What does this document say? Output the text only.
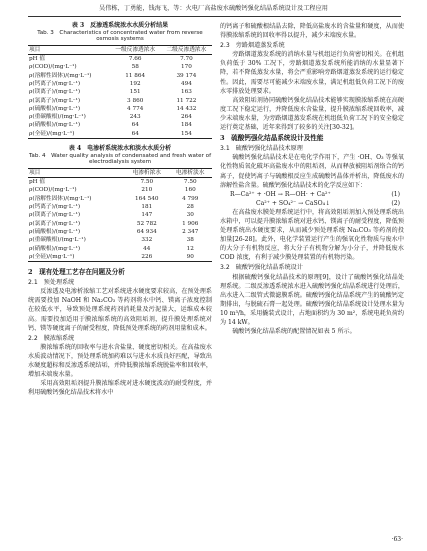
吴伟栋，丁勇能，钱海飞，等：火电厂高盐废水硫酸钙强化结晶系统设计及工程应用
表 3　反渗透系统浓水水质分析结果
Tab. 3　Characteristics of concentrated water from reverse osmosis systems
项目	一级反渗透浓水	二级反渗透浓水
pH 值	7.66	7.70
ρ(COD)/(mg·L⁻¹)	58	170
ρ(溶解性固体)/(mg·L⁻¹)	11 864	39 174
ρ(钙离子)/(mg·L⁻¹)	192	494
ρ(镁离子)/(mg·L⁻¹)	151	163
ρ(氯离子)/(mg·L⁻¹)	3 860	11 722
ρ(硫酸根)/(mg·L⁻¹)	4 774	14 432
ρ(重碳酸根)/(mg·L⁻¹)	243	264
ρ(硝酸根)/(mg·L⁻¹)	64	184
ρ(全硅)/(mg·L⁻¹)	64	154
表 4　电渗析系统浓水和淡水水质分析
Tab. 4　Water quality analysis of condensated and fresh water of electrodialysis system
项目	电渗析浓水	电渗析淡水
pH 值	7.50	7.50
ρ(COD)/(mg·L⁻¹)	210	160
ρ(溶解性固体)/(mg·L⁻¹)	164 540	4 799
ρ(钙离子)/(mg·L⁻¹)	181	28
ρ(镁离子)/(mg·L⁻¹)	147	30
ρ(氯离子)/(mg·L⁻¹)	52 782	1 906
ρ(硫酸根)/(mg·L⁻¹)	64 934	2 347
ρ(重碳酸根)/(mg·L⁻¹)	332	38
ρ(硝酸根)/(mg·L⁻¹)	44	12
ρ(全硅)/(mg·L⁻¹)	226	90
2　现有处理工艺存在问题及分析
2.1　预处理系统

反渗透及电渗析浓缩工艺对系统进水硬度要求较高，在预处理系统需要投加 NaOH 和 Na₂CO₃ 等药剂将水中钙、镁离子浓度控制在较低水平，导致预处理系统药剂消耗量及污泥量大，运维成本较高。需要投加适用于膜浓缩系统的高效阻垢剂，提升膜处理系统对钙、镁等硬度离子的耐受程度，降低预处理系统的药剂用量和成本。

2.2　膜浓缩系统

膜浓缩系统的回收率与进水含盐量、硬度密切相关。在高盐废水水质波动情况下，预处理系统加药难以与进水水质良好匹配，导致出水硬度超标和反渗透系统结垢，并降低膜浓缩系统脱盐率和回收率，增加末端废水量。

采用高效阻垢剂提升膜浓缩系统对进水硬度波动的耐受程度，并利用硫酸钙强化结晶技术将水中

的钙离子和硫酸根结晶去除，降低高盐废水的含盐量和硬度，从而使得膜浓缩系统的回收率得以提升，减少末端废水量。

2.3　旁路烟道蒸发系统

旁路烟道蒸发系统的消纳水量与机组运行负荷密切相关。在机组负荷低于 30% 工况下，旁路烟道蒸发系统所能消纳的水量显著下降，若不降低蒸发水量，将会严重影响旁路烟道蒸发系统的运行稳定性。因此，需要尽可能减少末端废水量，满足机组低负荷工况下的废水零排放处理要求。

高效阻垢剂协同硫酸钙强化结晶技术能够实现膜浓缩系统在高硬度工况下稳定运行，并降低废水含盐量，提升膜浓缩系统回收率，减少末端废水量，为旁路烟道蒸发系统在机组低负荷工况下的安全稳定运行奠定基础，近年来得到了较多的关注[30-32]。

3　硫酸钙强化结晶系统设计及性能
3.1　硫酸钙强化结晶技术原理

硫酸钙强化结晶技术是在电化学作用下，产生 ·OH、O₃ 等强氧化性物质氧化破坏高盐废水中的阻垢剂，从而释放被阻垢剂络合的钙离子，促使钙离子与硫酸根反应生成硫酸钙晶体并析出，降低废水的溶解性盐含量。硫酸钙强化结晶技术的化学反应如下：

R—Ca²⁺ + ·OH → R—OH· + Ca²⁺	(1)
Ca²⁺ + SO₄²⁻ → CaSO₄↓	(2)

在高盐废水膜处理系统运行中，将高效阻垢剂加入预处理系统出水箱中，可以提升膜浓缩系统对进水钙、镁离子的耐受程度，降低预处理系统出水硬度要求，从而减少预处理系统 Na₂CO₃ 等药剂的投加量[26-28]。此外，电化学装置运行产生的强氧化性物质与废水中的大分子有机物反应，将大分子有机物分解为小分子，并降低废水 COD 浓度，有利于减少膜处理装置的有机物污染。

3.2　硫酸钙强化结晶系统设计

根据硫酸钙强化结晶技术的原理[9]，设计了硫酸钙强化结晶处理系统。二级反渗透系统浓水进入硫酸钙强化结晶系统进行处理后，出水进入二级管式微滤膜系统。硫酸钙强化结晶系统产生的硫酸钙定期排出，与脱硫石膏一起处理。硫酸钙强化结晶系统设计处理水量为 10 m³/h，采用撬装式设计，占地面积约为 30 m²，系统电耗负荷约为 14 kW。

硫酸钙强化结晶系统的配置情况如表 5 所示。

·63·
